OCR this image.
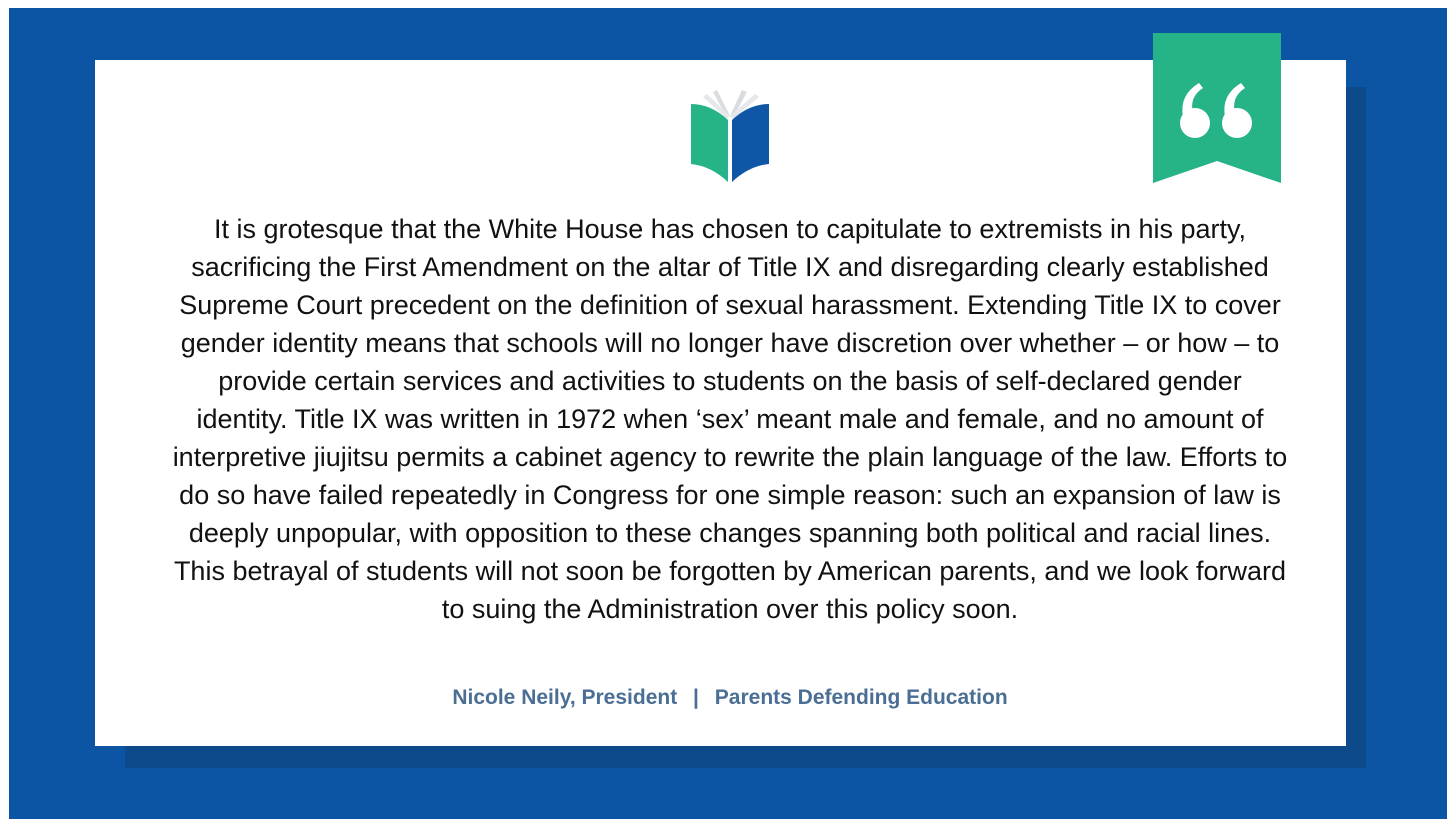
It is grotesque that the White House has chosen to capitulate to extremists in his party, sacrificing the First Amendment on the altar of Title IX and disregarding clearly established Supreme Court precedent on the definition of sexual harassment. Extending Title IX to cover gender identity means that schools will no longer have discretion over whether – or how – to provide certain services and activities to students on the basis of self-declared gender identity. Title IX was written in 1972 when ‘sex’ meant male and female, and no amount of interpretive jiujitsu permits a cabinet agency to rewrite the plain language of the law. Efforts to do so have failed repeatedly in Congress for one simple reason: such an expansion of law is deeply unpopular, with opposition to these changes spanning both political and racial lines. This betrayal of students will not soon be forgotten by American parents, and we look forward to suing the Administration over this policy soon.

Nicole Neily, President | Parents Defending Education
